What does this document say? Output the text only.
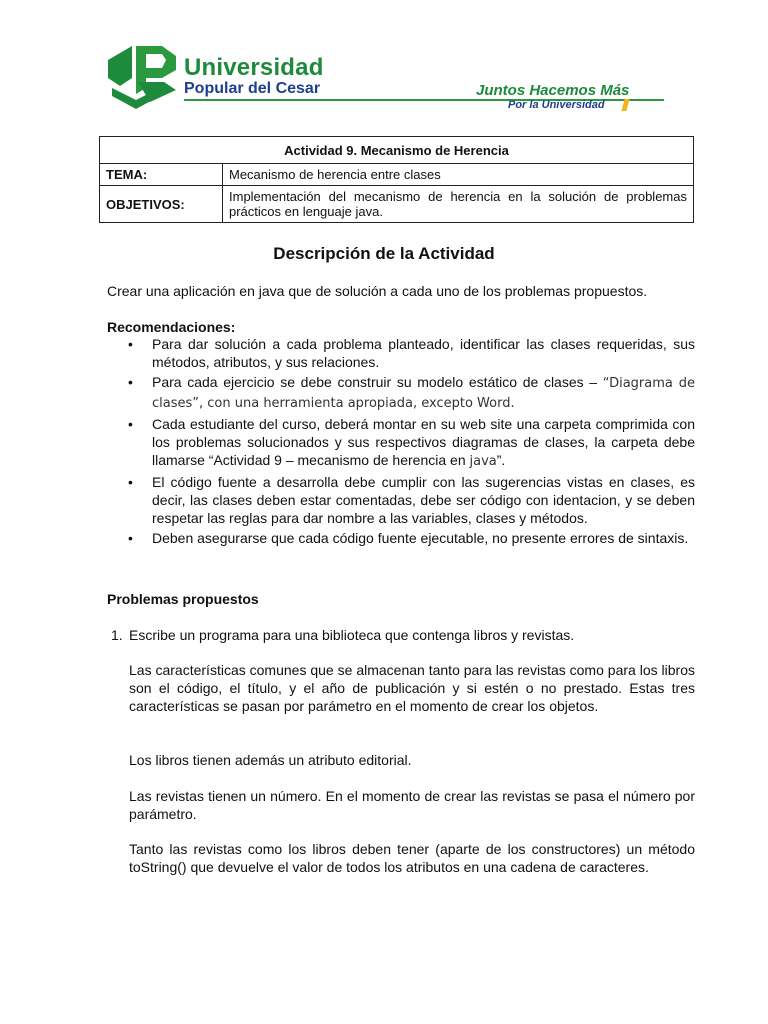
Universidad
Popular del Cesar	Juntos Hacemos Más
Por la Universidad
Actividad 9. Mecanismo de Herencia	
TEMA:	Mecanismo de herencia entre clases
OBJETIVOS:	Implementación del mecanismo de herencia en la solución de problemas prácticos en lenguaje java.
Descripción de la Actividad
Crear una aplicación en java que de solución a cada uno de los problemas propuestos.
Recomendaciones:
• Para dar solución a cada problema planteado, identificar las clases requeridas, sus métodos, atributos, y sus relaciones.
• Para cada ejercicio se debe construir su modelo estático de clases – “Diagrama de clases”, con una herramienta apropiada, excepto Word.
• Cada estudiante del curso, deberá montar en su web site una carpeta comprimida con los problemas solucionados y sus respectivos diagramas de clases, la carpeta debe llamarse “Actividad 9 – mecanismo de herencia en java”.
• El código fuente a desarrolla debe cumplir con las sugerencias vistas en clases, es decir, las clases deben estar comentadas, debe ser código con identacion, y se deben respetar las reglas para dar nombre a las variables, clases y métodos.
• Deben asegurarse que cada código fuente ejecutable, no presente errores de sintaxis.
Problemas propuestos
1. Escribe un programa para una biblioteca que contenga libros y revistas.
Las características comunes que se almacenan tanto para las revistas como para los libros son el código, el título, y el año de publicación y si estén o no prestado. Estas tres características se pasan por parámetro en el momento de crear los objetos.
Los libros tienen además un atributo editorial.
Las revistas tienen un número. En el momento de crear las revistas se pasa el número por parámetro.
Tanto las revistas como los libros deben tener (aparte de los constructores) un método toString() que devuelve el valor de todos los atributos en una cadena de caracteres.
